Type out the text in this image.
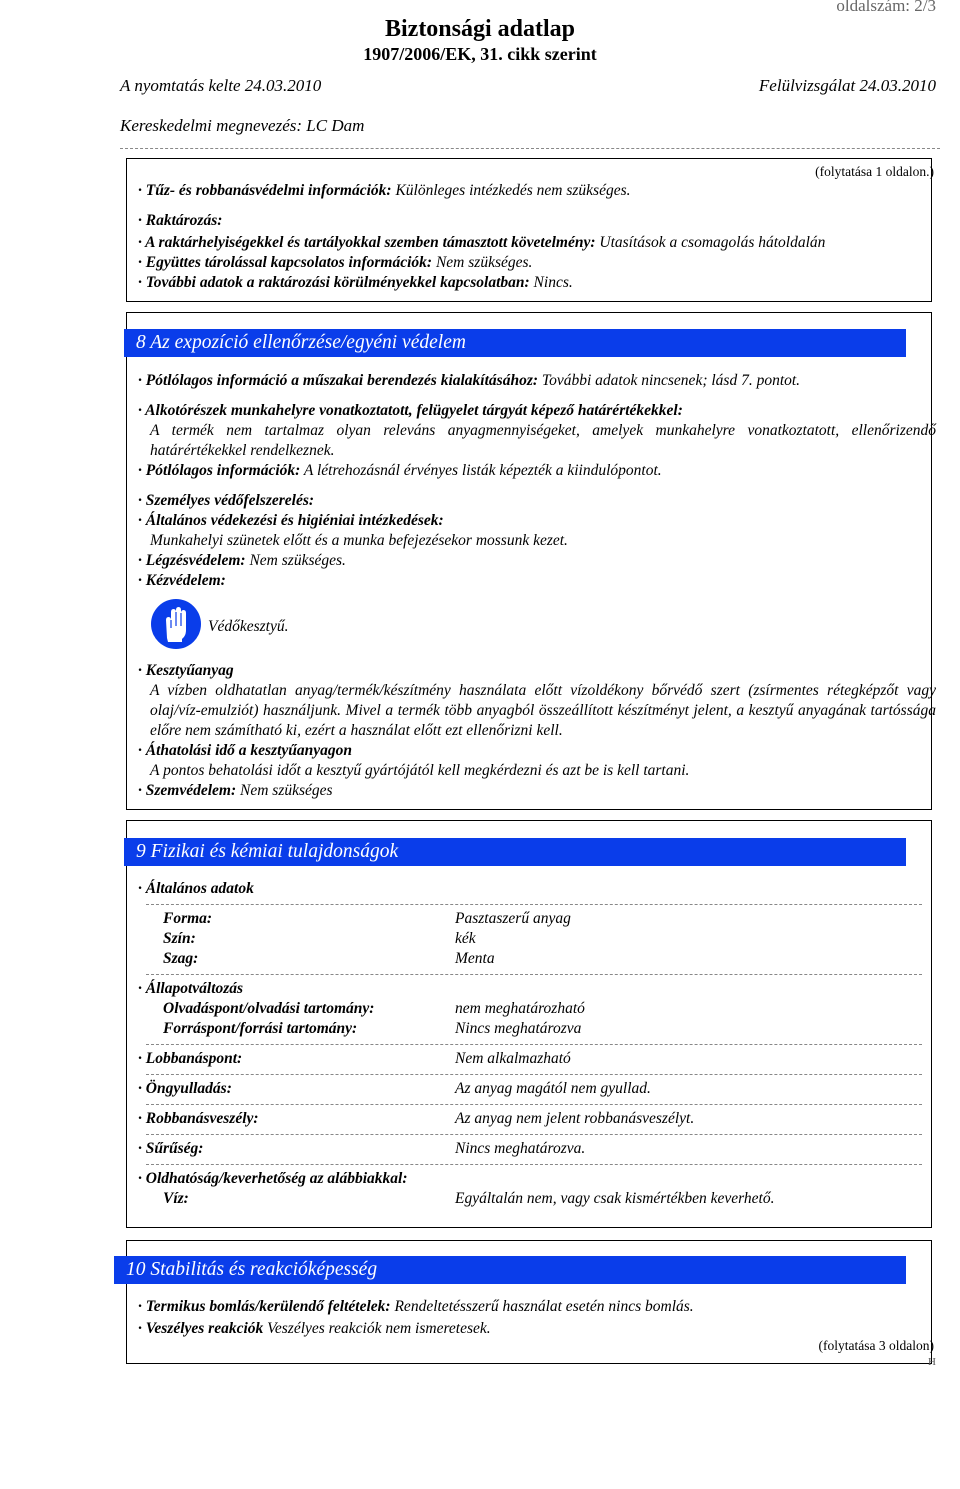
oldalszám: 2/3
Biztonsági adatlap
1907/2006/EK, 31. cikk szerint
A nyomtatás kelte 24.03.2010	Felülvizsgálat 24.03.2010
Kereskedelmi megnevezés: LC Dam
(folytatása 1 oldalon.)
· Tűz- és robbanásvédelmi információk: Különleges intézkedés nem szükséges.
· Raktározás:
· A raktárhelyiségekkel és tartályokkal szemben támasztott követelmény: Utasítások a csomagolás hátoldalán
· Együttes tárolással kapcsolatos információk: Nem szükséges.
· További adatok a raktározási körülményekkel kapcsolatban: Nincs.
8 Az expozíció ellenőrzése/egyéni védelem
· Pótlólagos információ a műszakai berendezés kialakításához: További adatok nincsenek; lásd 7. pontot.
· Alkotórészek munkahelyre vonatkoztatott, felügyelet tárgyát képező határértékekkel:
A termék nem tartalmaz olyan releváns anyagmennyiségeket, amelyek munkahelyre vonatkoztatott, ellenőrizendő határértékekkel rendelkeznek.
· Pótlólagos információk: A létrehozásnál érvényes listák képezték a kiindulópontot.
· Személyes védőfelszerelés:
· Általános védekezési és higiéniai intézkedések:
Munkahelyi szünetek előtt és a munka befejezésekor mossunk kezet.
· Légzésvédelem: Nem szükséges.
· Kézvédelem:
Védőkesztyű.
· Kesztyűanyag
A vízben oldhatatlan anyag/termék/készítmény használata előtt vízoldékony bőrvédő szert (zsírmentes rétegképzőt vagy olaj/víz-emulziót) használjunk. Mivel a termék több anyagból összeállított készítményt jelent, a kesztyű anyagának tartóssága előre nem számítható ki, ezért a használat előtt ezt ellenőrizni kell.
· Áthatolási idő a kesztyűanyagon
A pontos behatolási időt a kesztyű gyártójától kell megkérdezni és azt be is kell tartani.
· Szemvédelem: Nem szükséges
9 Fizikai és kémiai tulajdonságok
· Általános adatok
Forma:	Pasztaszerű anyag
Szín:	kék
Szag:	Menta
· Állapotváltozás
Olvadáspont/olvadási tartomány:	nem meghatározható
Forráspont/forrási tartomány:	Nincs meghatározva
· Lobbanáspont:	Nem alkalmazható
· Öngyulladás:	Az anyag magától nem gyullad.
· Robbanásveszély:	Az anyag nem jelent robbanásveszélyt.
· Sűrűség:	Nincs meghatározva.
· Oldhatóság/keverhetőség az alábbiakkal:
Víz:	Egyáltalán nem, vagy csak kismértékben keverhető.
10 Stabilitás és reakcióképesség
· Termikus bomlás/kerülendő feltételek: Rendeltetésszerű használat esetén nincs bomlás.
· Veszélyes reakciók Veszélyes reakciók nem ismeretesek.
(folytatása 3 oldalon)
H
